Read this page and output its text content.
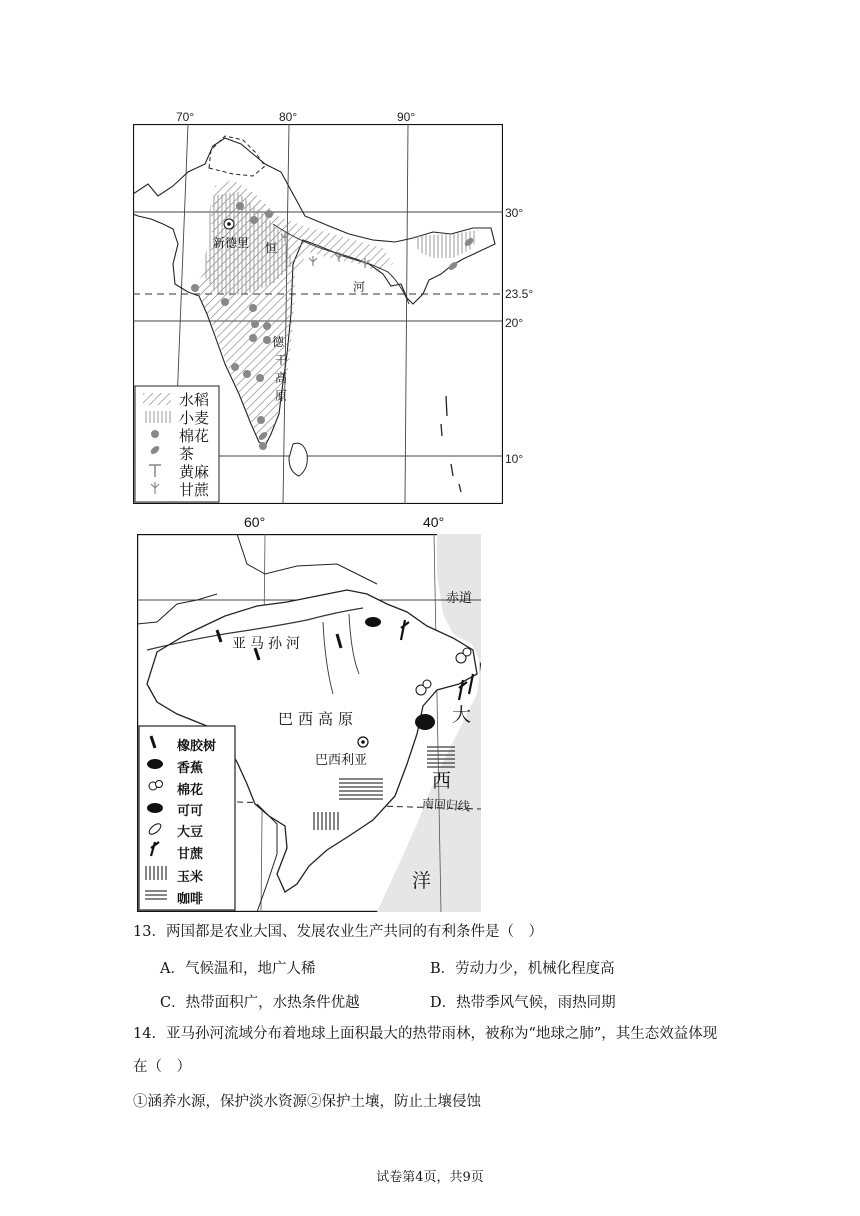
70°	80°	90°
30°
23.5°
20°
10°
新德里 恒
河
德
干
高
原
水稻
小麦
棉花
茶
黄麻
甘蔗
60°	40°
赤道
南回归线
亚马孙河
巴西高原
巴西利亚
大
西
洋
橡胶树
香蕉
棉花
可可
大豆
甘蔗
玉米
咖啡
13．两国都是农业大国、发展农业生产共同的有利条件是（　）
A．气候温和，地广人稀	B．劳动力少，机械化程度高
C．热带面积广，水热条件优越	D．热带季风气候，雨热同期
14．亚马孙河流域分布着地球上面积最大的热带雨林，被称为“地球之肺”，其生态效益体现
在（　）
①涵养水源，保护淡水资源②保护土壤，防止土壤侵蚀
试卷第4页，共9页
